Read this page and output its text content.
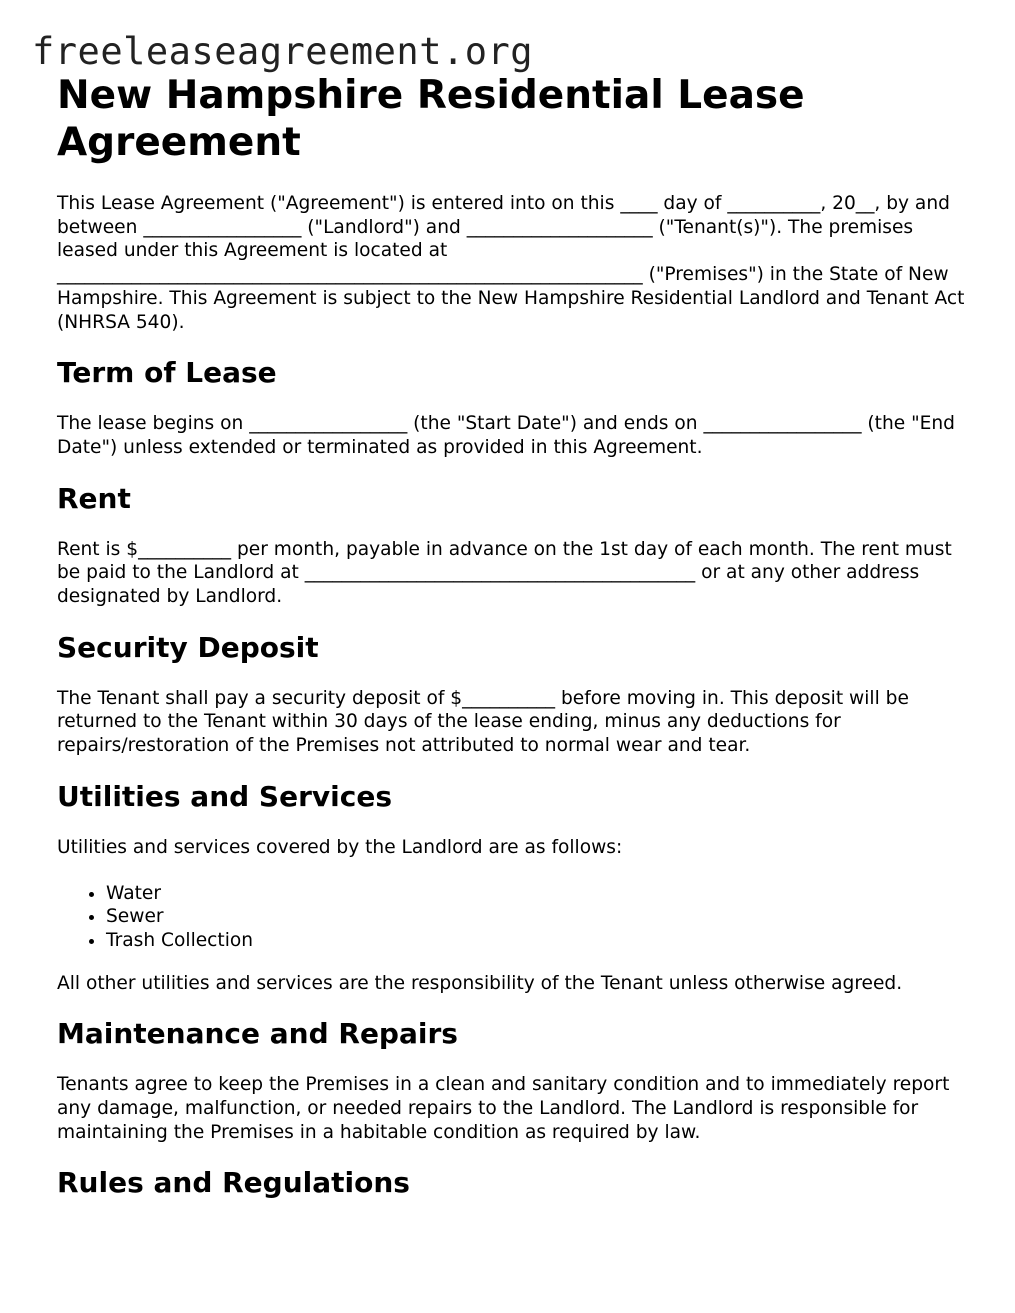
freeleaseagreement.org
New Hampshire Residential Lease Agreement

This Lease Agreement ("Agreement") is entered into on this ____ day of __________, 20__, by and between _________________ ("Landlord") and ____________________ ("Tenant(s)"). The premises leased under this Agreement is located at _______________________________________________________________ ("Premises") in the State of New Hampshire. This Agreement is subject to the New Hampshire Residential Landlord and Tenant Act (NHRSA 540).

Term of Lease

The lease begins on _________________ (the "Start Date") and ends on _________________ (the "End Date") unless extended or terminated as provided in this Agreement.

Rent

Rent is $__________ per month, payable in advance on the 1st day of each month. The rent must be paid to the Landlord at __________________________________________ or at any other address designated by Landlord.

Security Deposit

The Tenant shall pay a security deposit of $__________ before moving in. This deposit will be returned to the Tenant within 30 days of the lease ending, minus any deductions for repairs/restoration of the Premises not attributed to normal wear and tear.

Utilities and Services

Utilities and services covered by the Landlord are as follows:

• Water
• Sewer
• Trash Collection

All other utilities and services are the responsibility of the Tenant unless otherwise agreed.

Maintenance and Repairs

Tenants agree to keep the Premises in a clean and sanitary condition and to immediately report any damage, malfunction, or needed repairs to the Landlord. The Landlord is responsible for maintaining the Premises in a habitable condition as required by law.

Rules and Regulations
